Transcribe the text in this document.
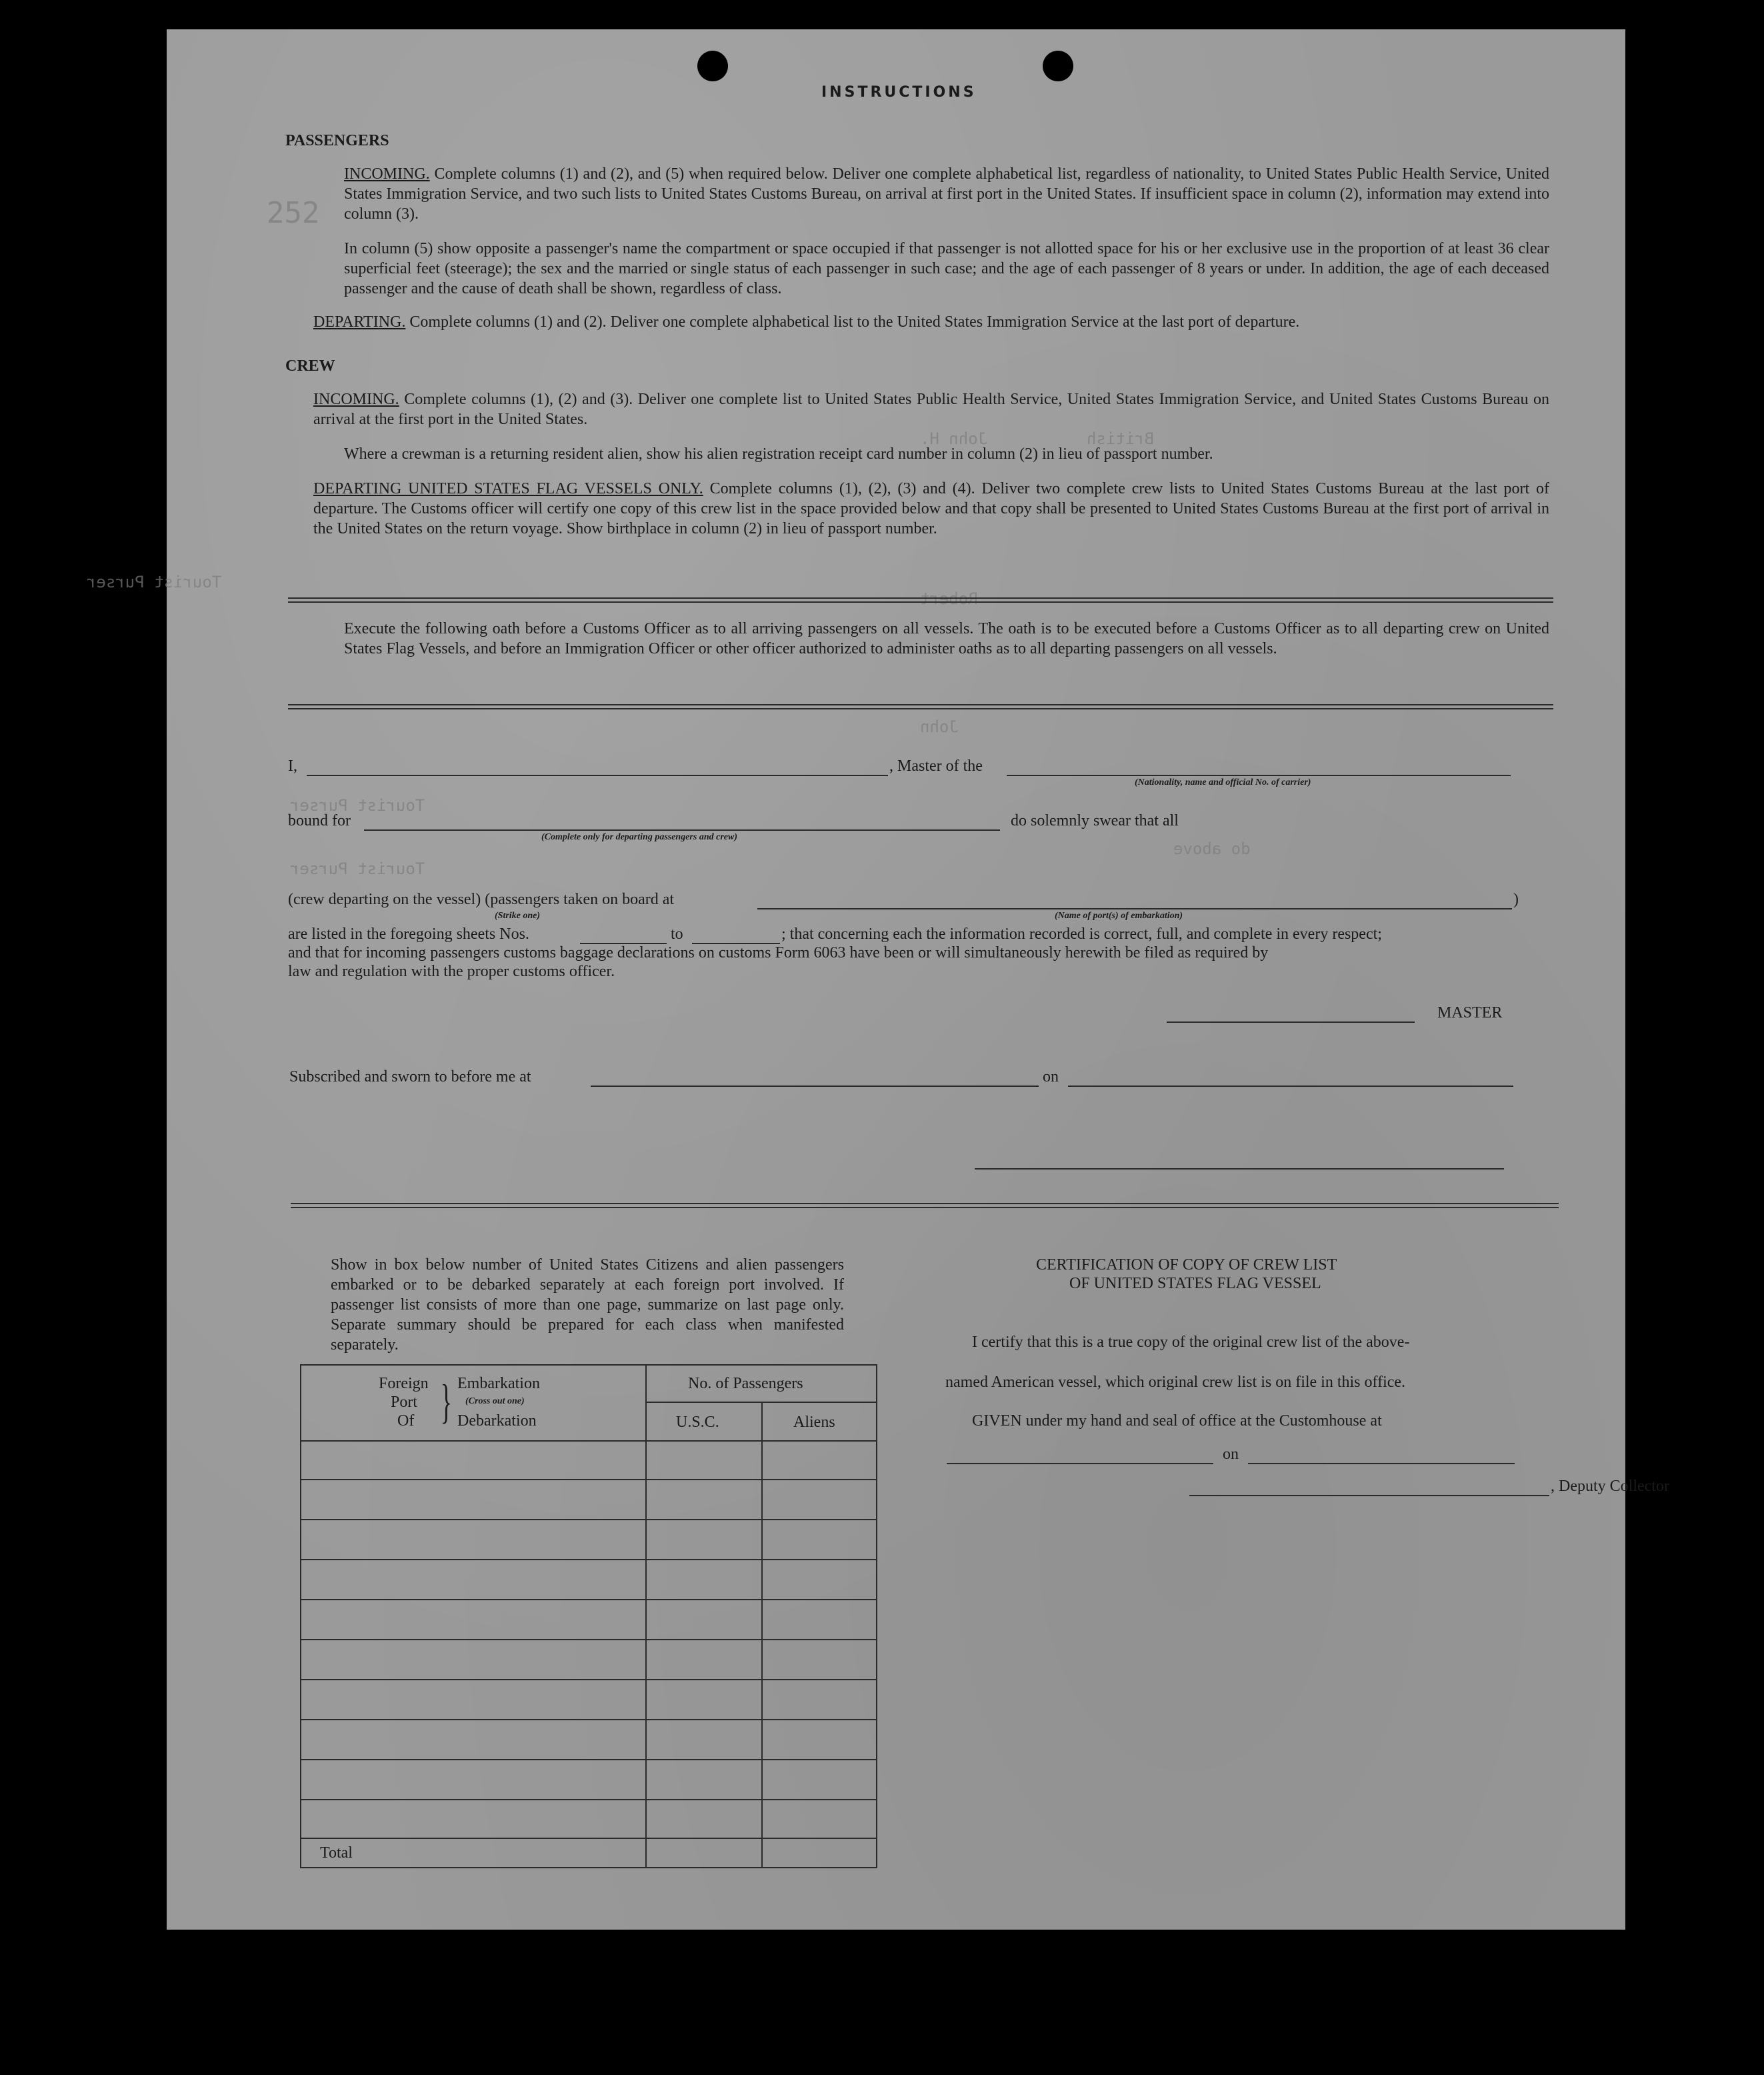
252
John H.	British
Tourist Purser
Robert
John
do above
Tourist Purser
Tourist Purser
INSTRUCTIONS
PASSENGERS
INCOMING. Complete columns (1) and (2), and (5) when required below. Deliver one complete alphabetical list, regardless of nationality, to United States Public Health Service, United States Immigration Service, and two such lists to United States Customs Bureau, on arrival at first port in the United States. If insufficient space in column (2), information may extend into column (3).
In column (5) show opposite a passenger's name the compartment or space occupied if that passenger is not allotted space for his or her exclusive use in the proportion of at least 36 clear superficial feet (steerage); the sex and the married or single status of each passenger in such case; and the age of each passenger of 8 years or under. In addition, the age of each deceased passenger and the cause of death shall be shown, regardless of class.
DEPARTING. Complete columns (1) and (2). Deliver one complete alphabetical list to the United States Immigration Service at the last port of departure.
CREW
INCOMING. Complete columns (1), (2) and (3). Deliver one complete list to United States Public Health Service, United States Immigration Service, and United States Customs Bureau on arrival at the first port in the United States.
Where a crewman is a returning resident alien, show his alien registration receipt card number in column (2) in lieu of passport number.
DEPARTING UNITED STATES FLAG VESSELS ONLY. Complete columns (1), (2), (3) and (4). Deliver two complete crew lists to United States Customs Bureau at the last port of departure. The Customs officer will certify one copy of this crew list in the space provided below and that copy shall be presented to United States Customs Bureau at the first port of arrival in the United States on the return voyage. Show birthplace in column (2) in lieu of passport number.
Execute the following oath before a Customs Officer as to all arriving passengers on all vessels. The oath is to be executed before a Customs Officer as to all departing crew on United States Flag Vessels, and before an Immigration Officer or other officer authorized to administer oaths as to all departing passengers on all vessels.
I,	, Master of the
(Nationality, name and official No. of carrier)
bound for	do solemnly swear that all
(Complete only for departing passengers and crew)
(crew departing on the vessel) (passengers taken on board at	)
(Strike one)	(Name of port(s) of embarkation)
are listed in the foregoing sheets Nos.	to	; that concerning each the information recorded is correct, full, and complete in every respect;
and that for incoming passengers customs baggage declarations on customs Form 6063 have been or will simultaneously herewith be filed as required by
law and regulation with the proper customs officer.
MASTER
Subscribed and sworn to before me at	on
Show in box below number of United States Citizens and alien passengers embarked or to be debarked separately at each foreign port involved. If passenger list consists of more than one page, summarize on last page only. Separate summary should be prepared for each class when manifested separately.
Foreign
Port
Of } Embarkation
(Cross out one)
Debarkation
No. of Passengers
U.S.C.	Aliens
Total
CERTIFICATION OF COPY OF CREW LIST
OF UNITED STATES FLAG VESSEL
I certify that this is a true copy of the original crew list of the above-
named American vessel, which original crew list is on file in this office.
GIVEN under my hand and seal of office at the Customhouse at
on
, Deputy Collector
